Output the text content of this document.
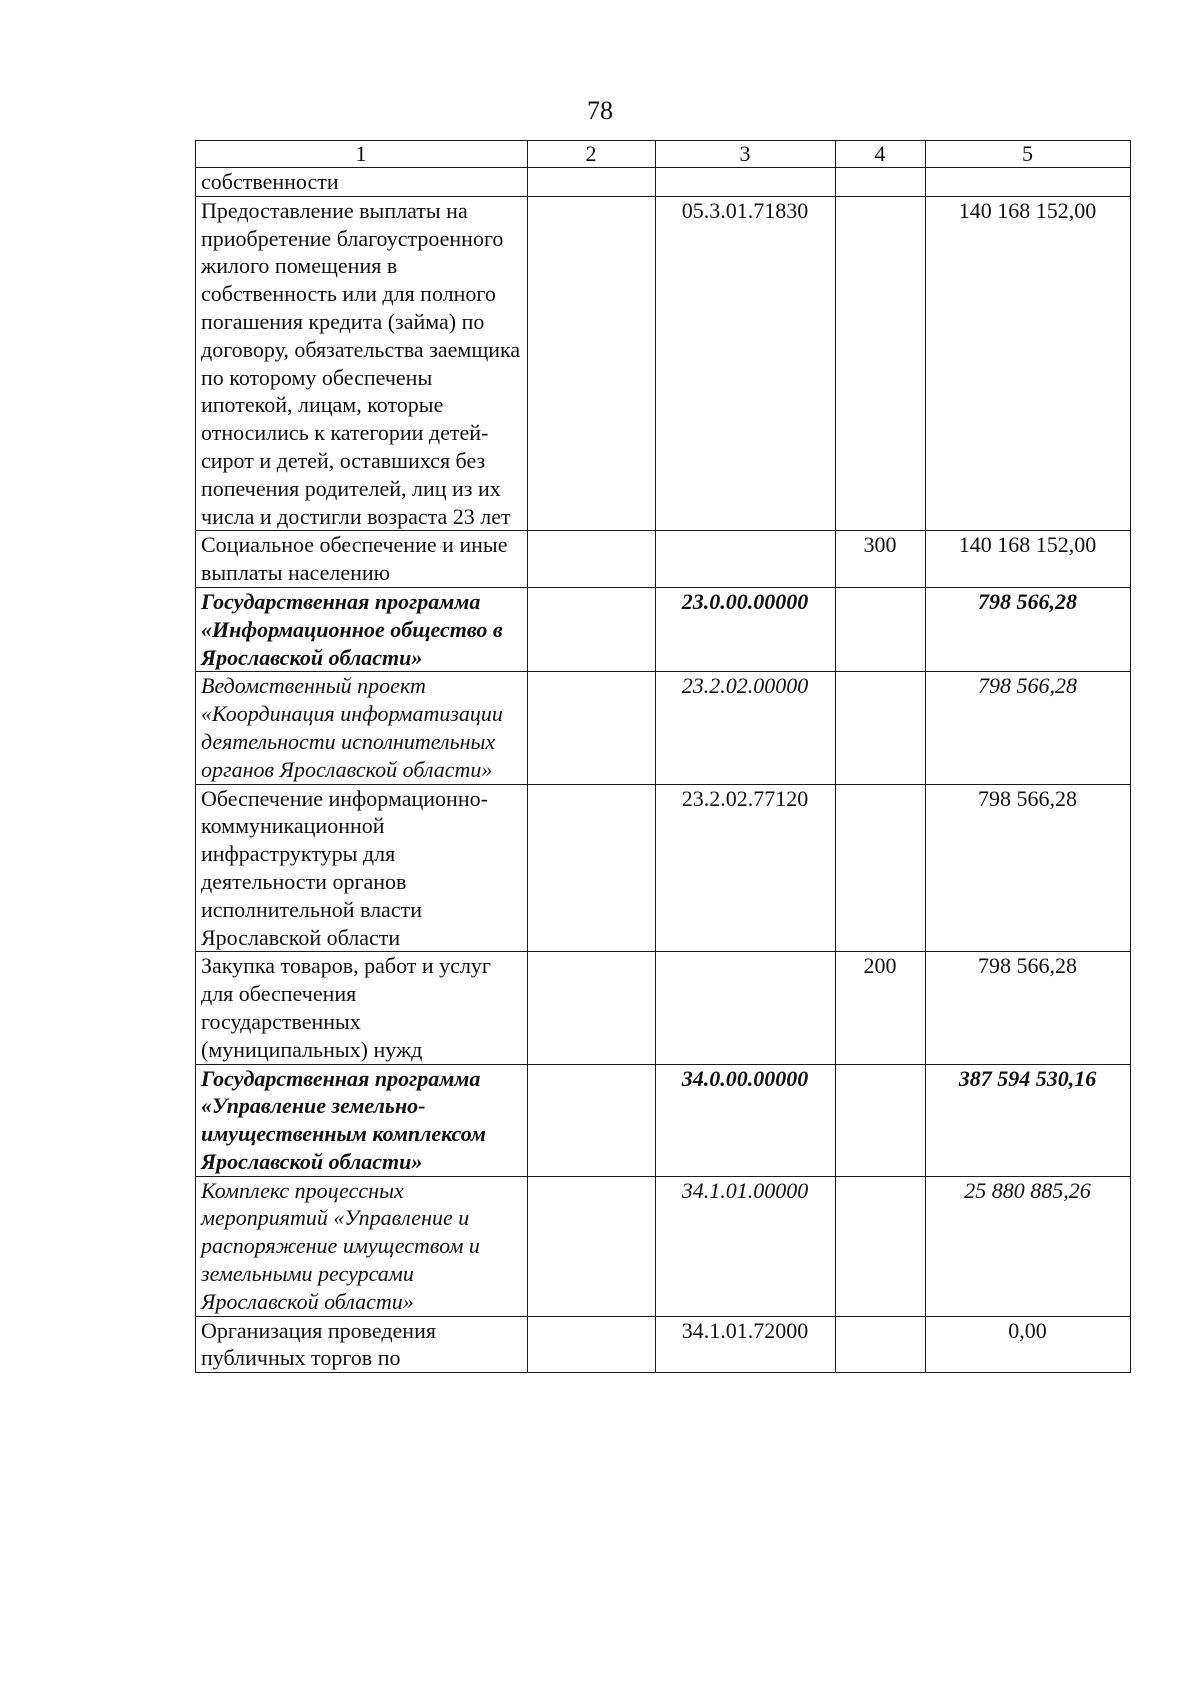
78
1	2	3	4	5
собственности				
Предоставление выплаты на приобретение благоустроенного жилого помещения в собственность или для полного погашения кредита (займа) по договору, обязательства заемщика по которому обеспечены ипотекой, лицам, которые относились к категории детей-сирот и детей, оставшихся без попечения родителей, лиц из их числа и достигли возраста 23 лет		05.3.01.71830		140 168 152,00
Социальное обеспечение и иные выплаты населению			300	140 168 152,00
Государственная программа «Информационное общество в Ярославской области»		23.0.00.00000		798 566,28
Ведомственный проект «Координация информатизации деятельности исполнительных органов Ярославской области»		23.2.02.00000		798 566,28
Обеспечение информационно-коммуникационной инфраструктуры для деятельности органов исполнительной власти Ярославской области		23.2.02.77120		798 566,28
Закупка товаров, работ и услуг для обеспечения государственных (муниципальных) нужд			200	798 566,28
Государственная программа «Управление земельно-имущественным комплексом Ярославской области»		34.0.00.00000		387 594 530,16
Комплекс процессных мероприятий «Управление и распоряжение имуществом и земельными ресурсами Ярославской области»		34.1.01.00000		25 880 885,26
Организация проведения публичных торгов по		34.1.01.72000		0,00
